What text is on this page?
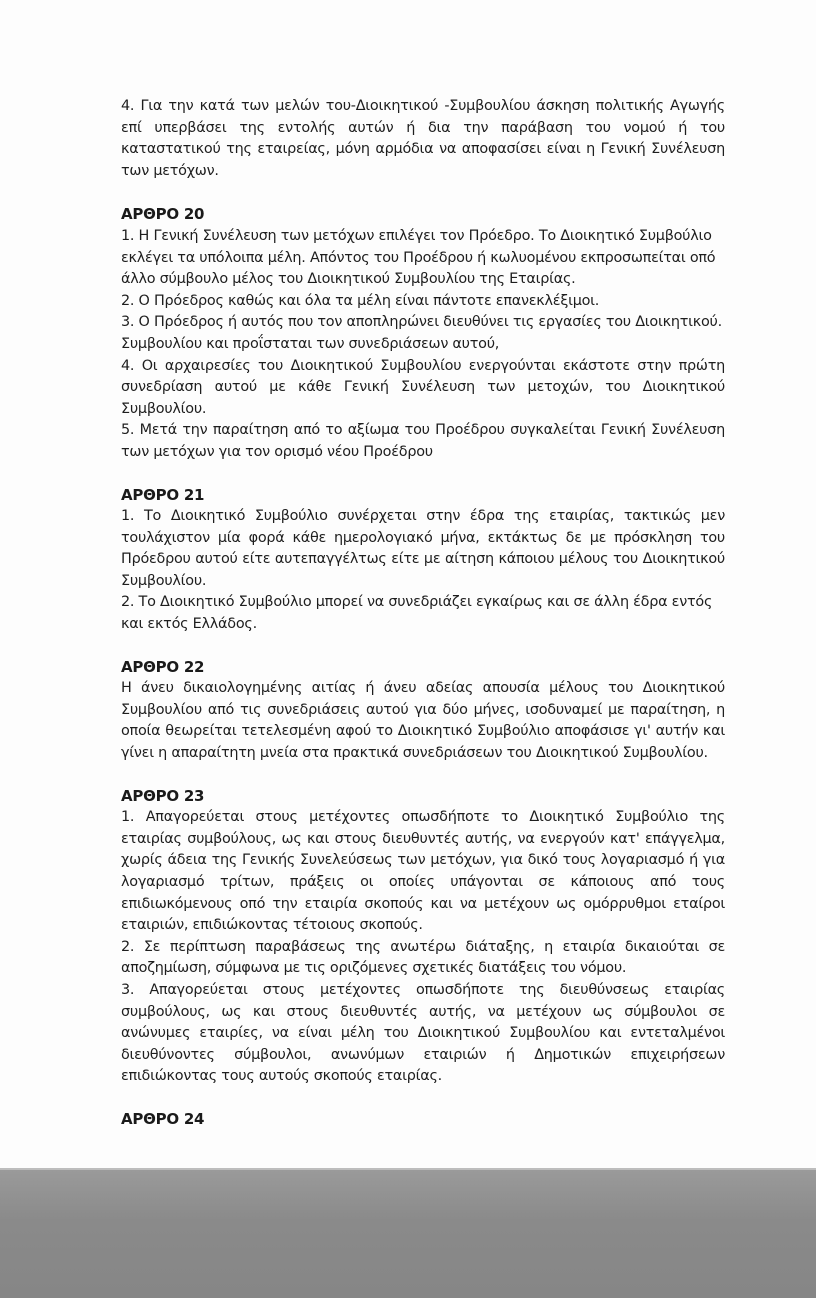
4. Για την κατά των μελών του-Διοικητικού -Συμβουλίου άσκηση πολιτικής Αγωγής επί υπερβάσει της εντολής αυτών ή δια την παράβαση του νομού ή του καταστατικού της εταιρείας, μόνη αρμόδια να αποφασίσει είναι η Γενική Συνέλευση των μετόχων.

ΑΡΘΡΟ 20

1. Η Γενική Συνέλευση των μετόχων επιλέγει τον Πρόεδρο. Το Διοικητικό Συμβούλιο εκλέγει τα υπόλοιπα μέλη. Απόντος του Προέδρου ή κωλυομένου εκπροσωπείται οπό άλλο σύμβουλο μέλος του Διοικητικού Συμβουλίου της Εταιρίας.

2. Ο Πρόεδρος καθώς και όλα τα μέλη είναι πάντοτε επανεκλέξιμοι.

3. Ο Πρόεδρος ή αυτός που τον αποπληρώνει διευθύνει τις εργασίες του Διοικητικού. Συμβουλίου και προΐσταται των συνεδριάσεων αυτού,

4. Οι αρχαιρεσίες του Διοικητικού Συμβουλίου ενεργούνται εκάστοτε στην πρώτη συνεδρίαση αυτού με κάθε Γενική Συνέλευση των μετοχών, του Διοικητικού Συμβουλίου.

5. Μετά την παραίτηση από το αξίωμα του Προέδρου συγκαλείται Γενική Συνέλευση των μετόχων για τον ορισμό νέου Προέδρου

ΑΡΘΡΟ 21

1. Το Διοικητικό Συμβούλιο συνέρχεται στην έδρα της εταιρίας, τακτικώς μεν τουλάχιστον μία φορά κάθε ημερολογιακό μήνα, εκτάκτως δε με πρόσκληση του Πρόεδρου αυτού είτε αυτεπαγγέλτως είτε με αίτηση κάποιου μέλους του Διοικητικού Συμβουλίου.

2. Το Διοικητικό Συμβούλιο μπορεί να συνεδριάζει εγκαίρως και σε άλλη έδρα εντός και εκτός Ελλάδος.

ΑΡΘΡΟ 22

Η άνευ δικαιολογημένης αιτίας ή άνευ αδείας απουσία μέλους του Διοικητικού Συμβουλίου από τις συνεδριάσεις αυτού για δύο μήνες, ισοδυναμεί με παραίτηση, η οποία θεωρείται τετελεσμένη αφού το Διοικητικό Συμβούλιο αποφάσισε γι' αυτήν και γίνει η απαραίτητη μνεία στα πρακτικά συνεδριάσεων του Διοικητικού Συμβουλίου.

ΑΡΘΡΟ 23

1. Απαγορεύεται στους μετέχοντες οπωσδήποτε το Διοικητικό Συμβούλιο της εταιρίας συμβούλους, ως και στους διευθυντές αυτής, να ενεργούν κατ' επάγγελμα, χωρίς άδεια της Γενικής Συνελεύσεως των μετόχων, για δικό τους λογαριασμό ή για λογαριασμό τρίτων, πράξεις οι οποίες υπάγονται σε κάποιους από τους επιδιωκόμενους οπό την εταιρία σκοπούς και να μετέχουν ως ομόρρυθμοι εταίροι εταιριών, επιδιώκοντας τέτοιους σκοπούς.

2. Σε περίπτωση παραβάσεως της ανωτέρω διάταξης, η εταιρία δικαιούται σε αποζημίωση, σύμφωνα με τις οριζόμενες σχετικές διατάξεις του νόμου.

3. Απαγορεύεται στους μετέχοντες οπωσδήποτε της διευθύνσεως εταιρίας συμβούλους, ως και στους διευθυντές αυτής, να μετέχουν ως σύμβουλοι σε ανώνυμες εταιρίες, να είναι μέλη του Διοικητικού Συμβουλίου και εντεταλμένοι διευθύνοντες σύμβουλοι, ανωνύμων εταιριών ή Δημοτικών επιχειρήσεων επιδιώκοντας τους αυτούς σκοπούς εταιρίας.

ΑΡΘΡΟ 24
